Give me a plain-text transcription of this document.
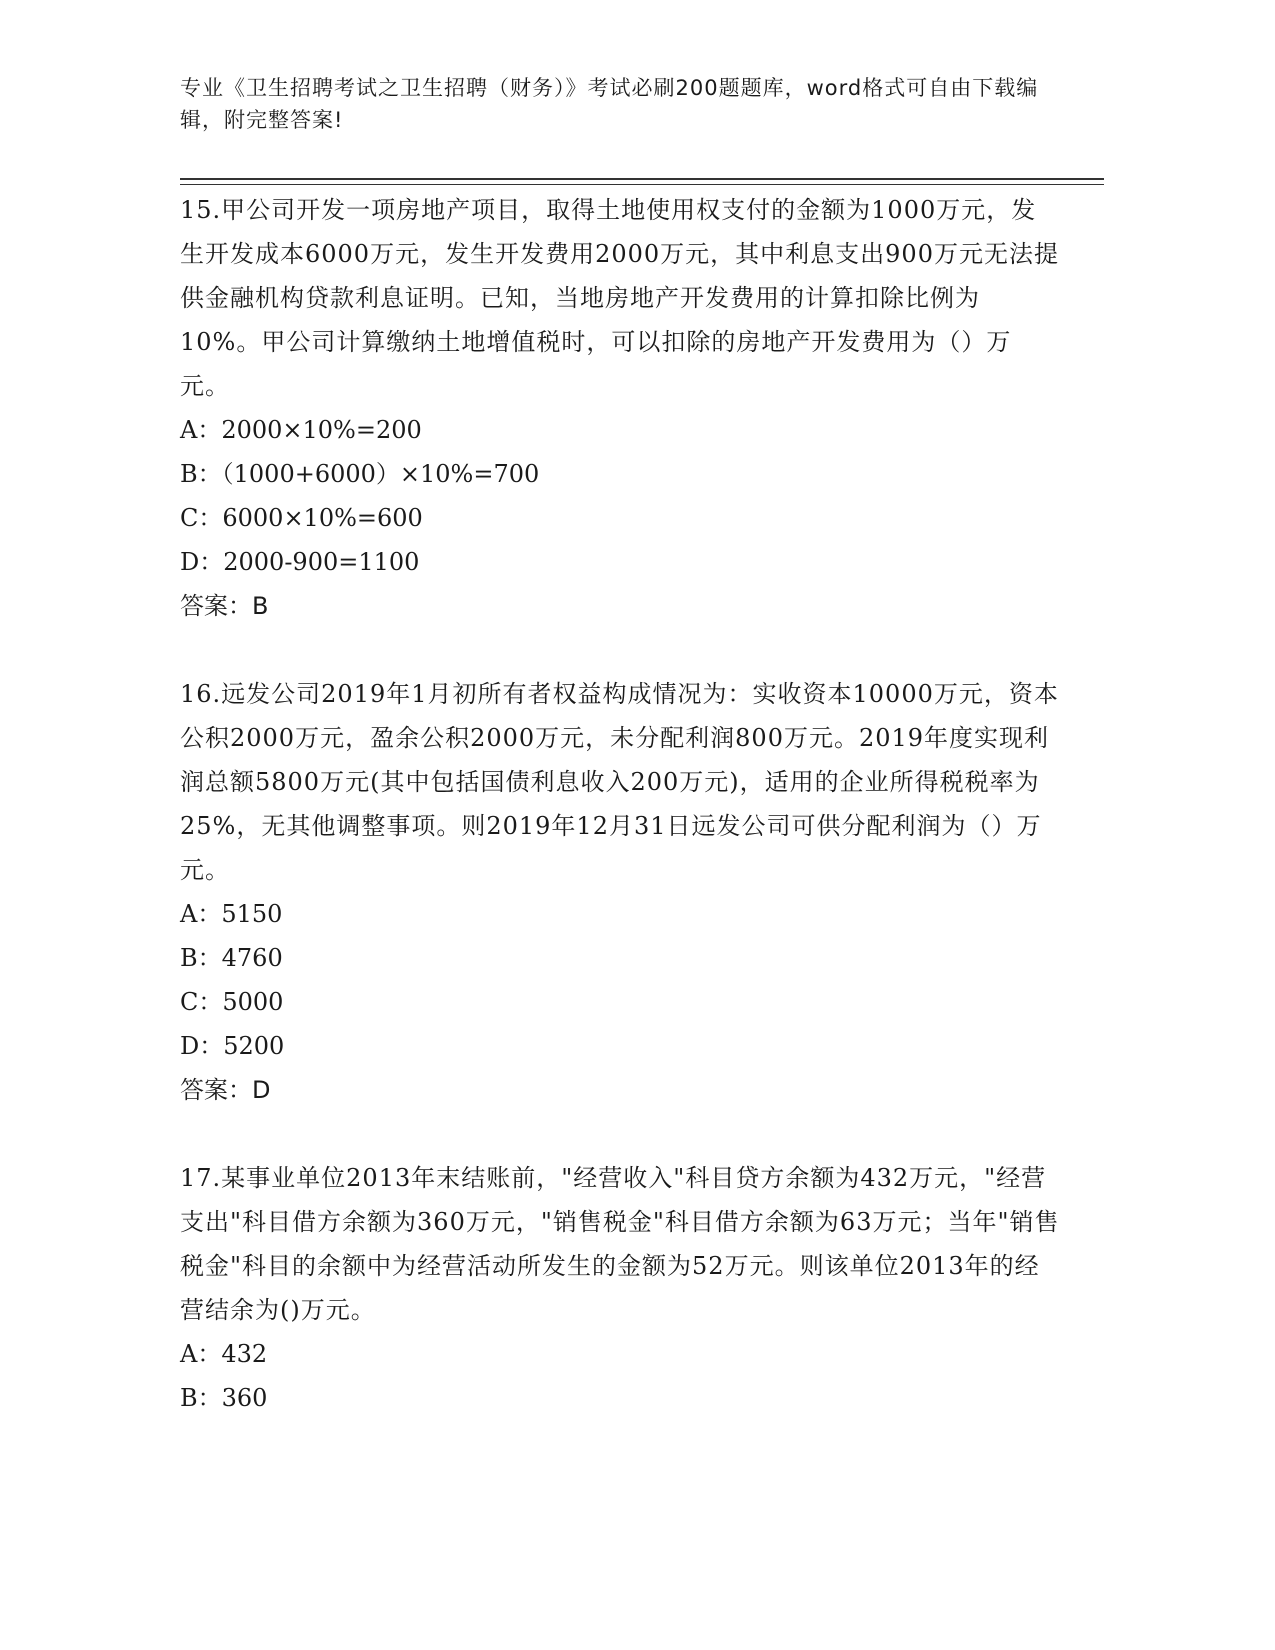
专业《卫生招聘考试之卫生招聘（财务）》考试必刷200题题库，word格式可自由下载编辑，附完整答案!

15.甲公司开发一项房地产项目，取得土地使用权支付的金额为1000万元，发生开发成本6000万元，发生开发费用2000万元，其中利息支出900万元无法提供金融机构贷款利息证明。已知，当地房地产开发费用的计算扣除比例为10%。甲公司计算缴纳土地增值税时，可以扣除的房地产开发费用为（）万元。

A：2000×10%=200

B：（1000+6000）×10%=700

C：6000×10%=600

D：2000-900=1100

答案：B

16.远发公司2019年1月初所有者权益构成情况为：实收资本10000万元，资本公积2000万元，盈余公积2000万元，未分配利润800万元。2019年度实现利润总额5800万元(其中包括国债利息收入200万元)，适用的企业所得税税率为25%，无其他调整事项。则2019年12月31日远发公司可供分配利润为（）万元。

A：5150

B：4760

C：5000

D：5200

答案：D

17.某事业单位2013年末结账前，"经营收入"科目贷方余额为432万元，"经营支出"科目借方余额为360万元，"销售税金"科目借方余额为63万元；当年"销售税金"科目的余额中为经营活动所发生的金额为52万元。则该单位2013年的经营结余为()万元。

A：432

B：360
